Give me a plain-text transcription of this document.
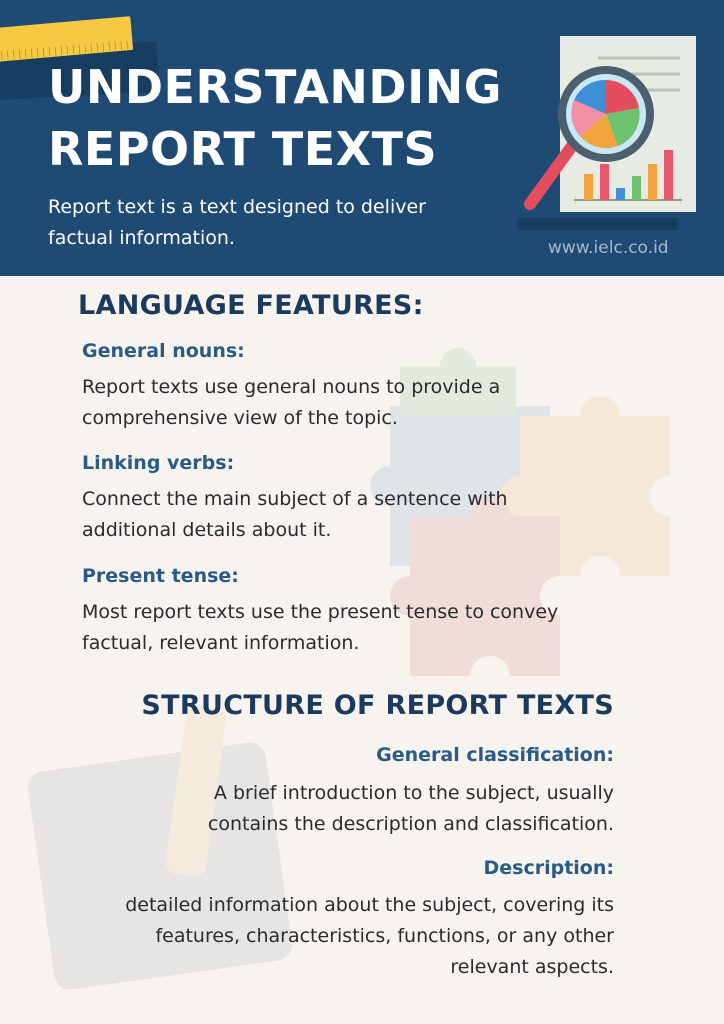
UNDERSTANDING
REPORT TEXTS

Report text is a text designed to deliver factual information.	www.ielc.co.id

LANGUAGE FEATURES:

General nouns:

Report texts use general nouns to provide a comprehensive view of the topic.

Linking verbs:

Connect the main subject of a sentence with additional details about it.

Present tense:

Most report texts use the present tense to convey factual, relevant information.

STRUCTURE OF REPORT TEXTS

General classification:

A brief introduction to the subject, usually contains the description and classification.

Description:

detailed information about the subject, covering its features, characteristics, functions, or any other relevant aspects.
